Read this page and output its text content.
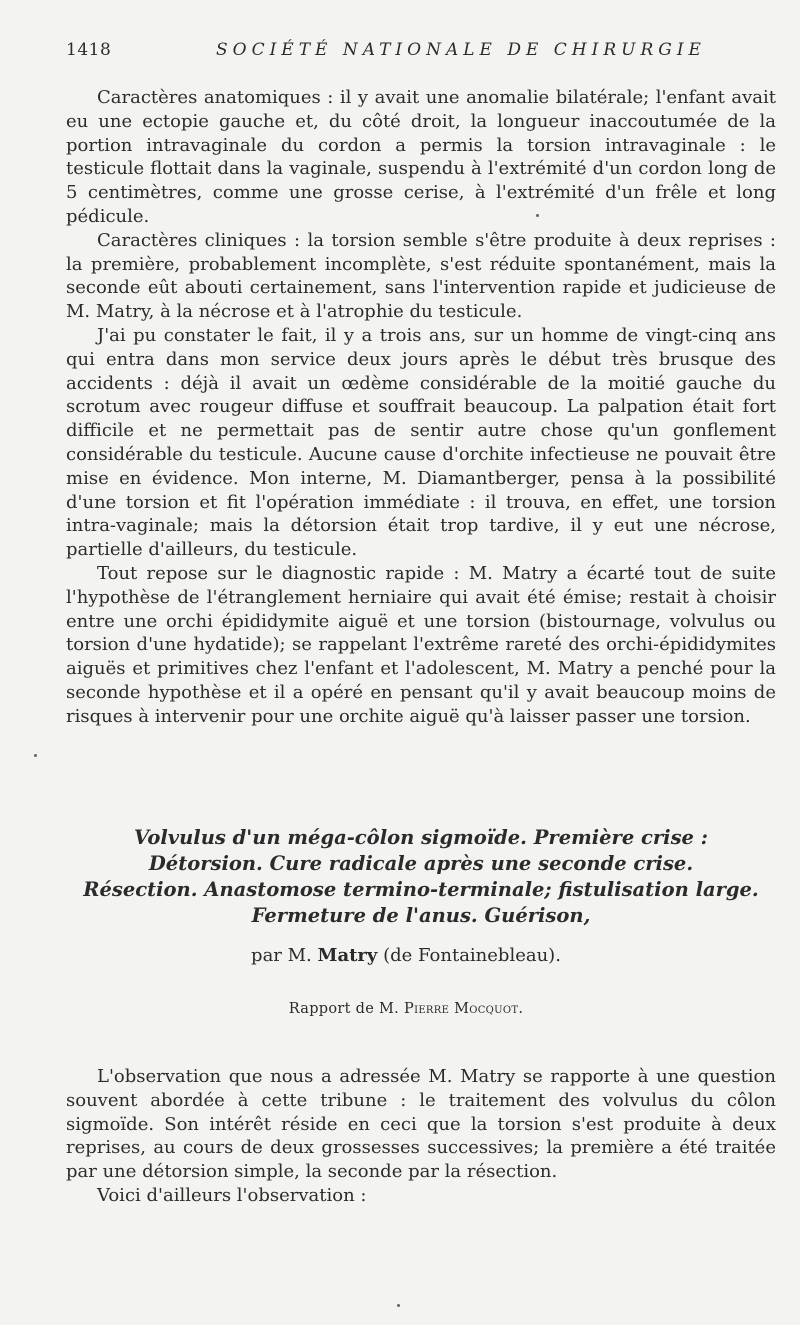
1418	SOCIÉTÉ NATIONALE DE CHIRURGIE

Caractères anatomiques : il y avait une anomalie bilatérale; l'enfant avait eu une ectopie gauche et, du côté droit, la longueur inaccoutumée de la portion intravaginale du cordon a permis la torsion intravaginale : le testicule flottait dans la vaginale, suspendu à l'extrémité d'un cordon long de 5 centimètres, comme une grosse cerise, à l'extrémité d'un frêle et long pédicule.

Caractères cliniques : la torsion semble s'être produite à deux reprises : la première, probablement incomplète, s'est réduite spontanément, mais la seconde eût abouti certainement, sans l'intervention rapide et judicieuse de M. Matry, à la nécrose et à l'atrophie du testicule.

J'ai pu constater le fait, il y a trois ans, sur un homme de vingt-cinq ans qui entra dans mon service deux jours après le début très brusque des accidents : déjà il avait un œdème considérable de la moitié gauche du scrotum avec rougeur diffuse et souffrait beaucoup. La palpation était fort difficile et ne permettait pas de sentir autre chose qu'un gonflement considérable du testicule. Aucune cause d'orchite infectieuse ne pouvait être mise en évidence. Mon interne, M. Diamantberger, pensa à la possibilité d'une torsion et fit l'opération immédiate : il trouva, en effet, une torsion intra-vaginale; mais la détorsion était trop tardive, il y eut une nécrose, partielle d'ailleurs, du testicule.

Tout repose sur le diagnostic rapide : M. Matry a écarté tout de suite l'hypothèse de l'étranglement herniaire qui avait été émise; restait à choisir entre une orchi épididymite aiguë et une torsion (bistournage, volvulus ou torsion d'une hydatide); se rappelant l'extrême rareté des orchi-épididymites aiguës et primitives chez l'enfant et l'adolescent, M. Matry a penché pour la seconde hypothèse et il a opéré en pensant qu'il y avait beaucoup moins de risques à intervenir pour une orchite aiguë qu'à laisser passer une torsion.

Volvulus d'un méga-côlon sigmoïde. Première crise :

Détorsion. Cure radicale après une seconde crise.

Résection. Anastomose termino-terminale; fistulisation large.

Fermeture de l'anus. Guérison,

par M. Matry (de Fontainebleau).
Rapport de M. Pierre Mocquot.

L'observation que nous a adressée M. Matry se rapporte à une question souvent abordée à cette tribune : le traitement des volvulus du côlon sigmoïde. Son intérêt réside en ceci que la torsion s'est produite à deux reprises, au cours de deux grossesses successives; la première a été traitée par une détorsion simple, la seconde par la résection.

Voici d'ailleurs l'observation :
